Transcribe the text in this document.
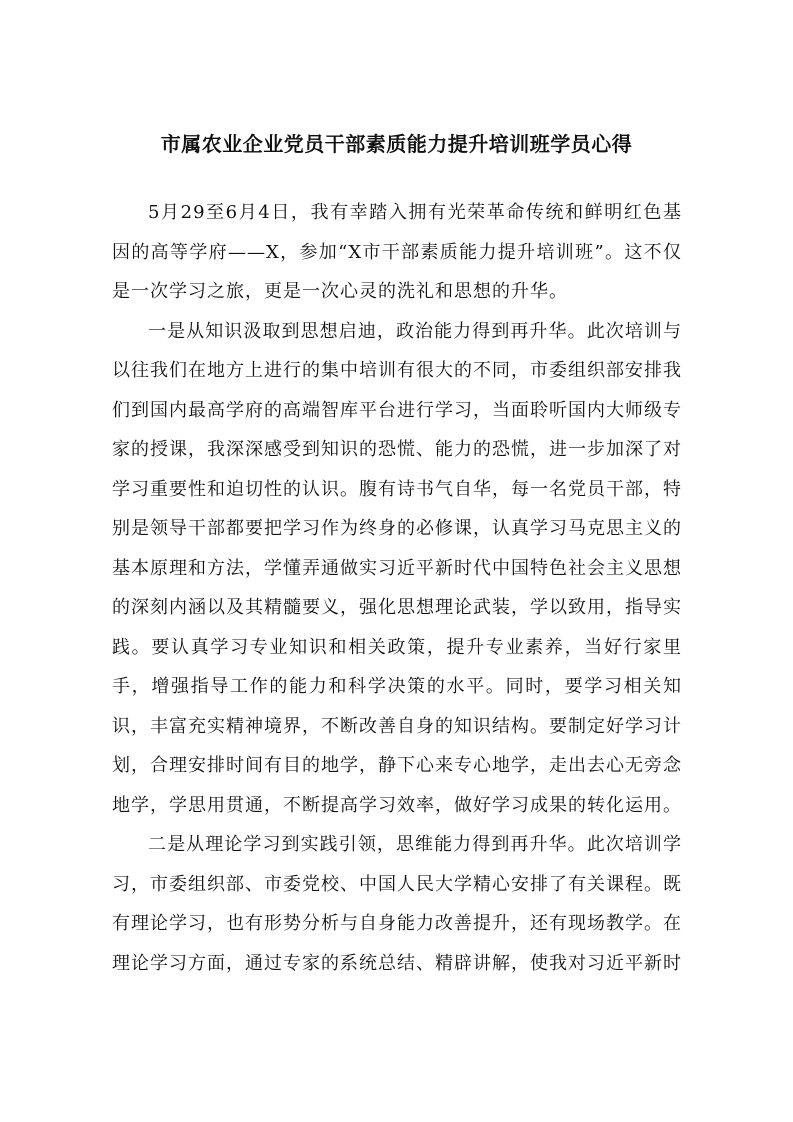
市属农业企业党员干部素质能力提升培训班学员心得

5月29至6月4日，我有幸踏入拥有光荣革命传统和鲜明红色基因的高等学府——X，参加“X市干部素质能力提升培训班”。这不仅是一次学习之旅，更是一次心灵的洗礼和思想的升华。

一是从知识汲取到思想启迪，政治能力得到再升华。此次培训与以往我们在地方上进行的集中培训有很大的不同，市委组织部安排我们到国内最高学府的高端智库平台进行学习，当面聆听国内大师级专家的授课，我深深感受到知识的恐慌、能力的恐慌，进一步加深了对学习重要性和迫切性的认识。腹有诗书气自华，每一名党员干部，特别是领导干部都要把学习作为终身的必修课，认真学习马克思主义的基本原理和方法，学懂弄通做实习近平新时代中国特色社会主义思想的深刻内涵以及其精髓要义，强化思想理论武装，学以致用，指导实践。要认真学习专业知识和相关政策，提升专业素养，当好行家里手，增强指导工作的能力和科学决策的水平。同时，要学习相关知识，丰富充实精神境界，不断改善自身的知识结构。要制定好学习计划，合理安排时间有目的地学，静下心来专心地学，走出去心无旁念地学，学思用贯通，不断提高学习效率，做好学习成果的转化运用。

二是从理论学习到实践引领，思维能力得到再升华。此次培训学习，市委组织部、市委党校、中国人民大学精心安排了有关课程。既有理论学习，也有形势分析与自身能力改善提升，还有现场教学。在理论学习方面，通过专家的系统总结、精辟讲解，使我对习近平新时
